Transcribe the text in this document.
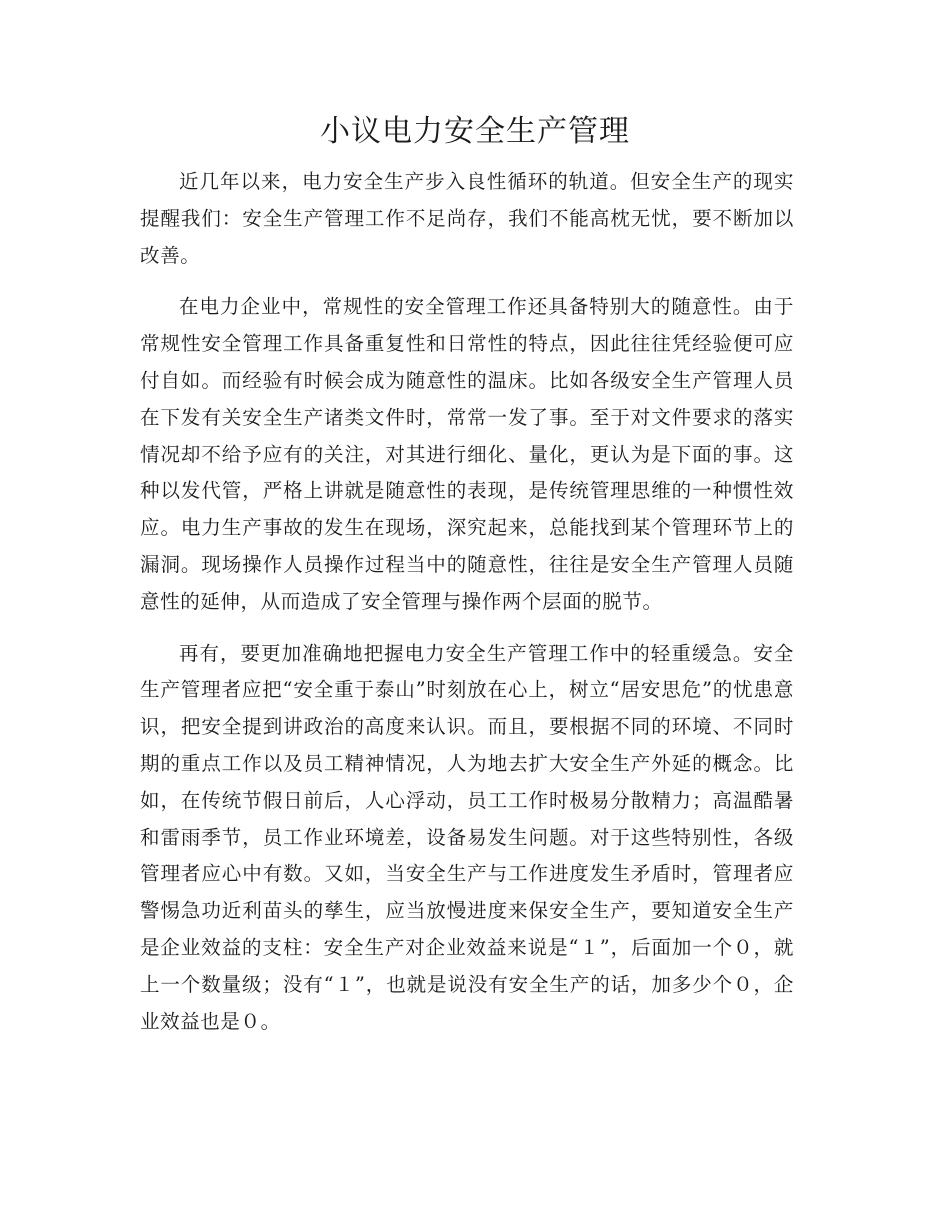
小议电力安全生产管理

近几年以来，电力安全生产步入良性循环的轨道。但安全生产的现实提醒我们：安全生产管理工作不足尚存，我们不能高枕无忧，要不断加以改善。

在电力企业中，常规性的安全管理工作还具备特别大的随意性。由于常规性安全管理工作具备重复性和日常性的特点，因此往往凭经验便可应付自如。而经验有时候会成为随意性的温床。比如各级安全生产管理人员在下发有关安全生产诸类文件时，常常一发了事。至于对文件要求的落实情况却不给予应有的关注，对其进行细化、量化，更认为是下面的事。这种以发代管，严格上讲就是随意性的表现，是传统管理思维的一种惯性效应。电力生产事故的发生在现场，深究起来，总能找到某个管理环节上的漏洞。现场操作人员操作过程当中的随意性，往往是安全生产管理人员随意性的延伸，从而造成了安全管理与操作两个层面的脱节。

再有，要更加准确地把握电力安全生产管理工作中的轻重缓急。安全生产管理者应把“安全重于泰山”时刻放在心上，树立“居安思危”的忧患意识，把安全提到讲政治的高度来认识。而且，要根据不同的环境、不同时期的重点工作以及员工精神情况，人为地去扩大安全生产外延的概念。比如，在传统节假日前后，人心浮动，员工工作时极易分散精力；高温酷暑和雷雨季节，员工作业环境差，设备易发生问题。对于这些特别性，各级管理者应心中有数。又如，当安全生产与工作进度发生矛盾时，管理者应警惕急功近利苗头的孳生，应当放慢进度来保安全生产，要知道安全生产是企业效益的支柱：安全生产对企业效益来说是“１”，后面加一个０，就上一个数量级；没有“１”，也就是说没有安全生产的话，加多少个０，企业效益也是０。
